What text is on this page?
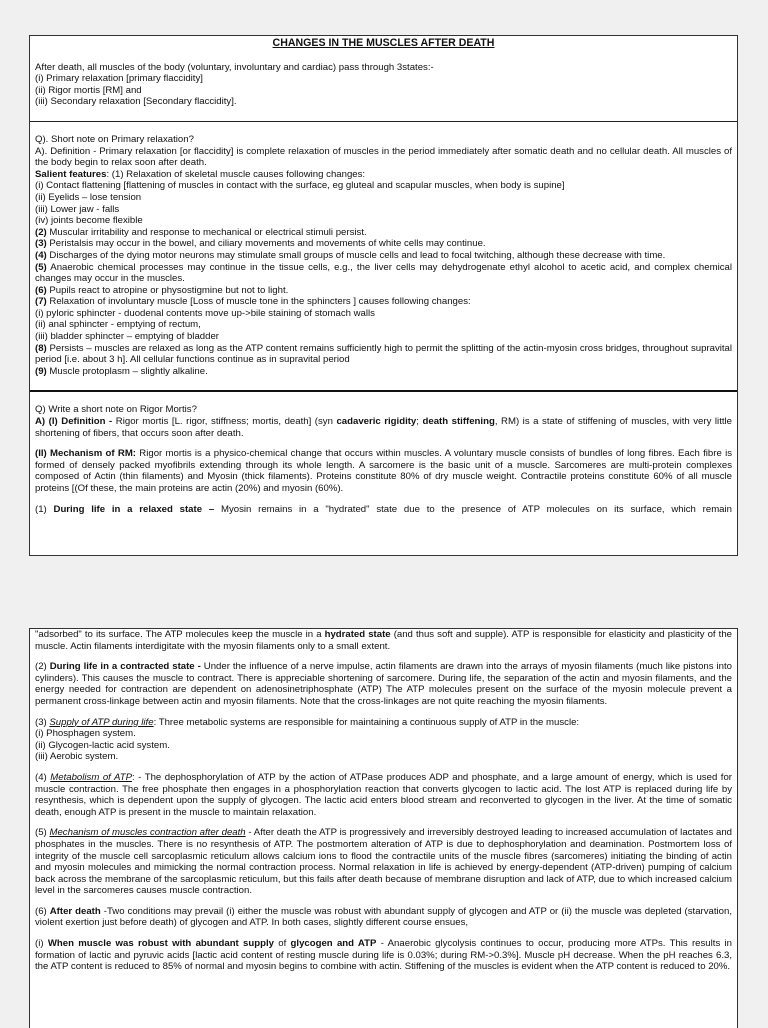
CHANGES IN THE MUSCLES AFTER DEATH

After death, all muscles of the body (voluntary, involuntary and cardiac) pass through 3states:-

(i) Primary relaxation [primary flaccidity]

(ii) Rigor mortis [RM] and

(iii) Secondary relaxation [Secondary flaccidity].

Q). Short note on Primary relaxation?

A). Definition - Primary relaxation [or flaccidity] is complete relaxation of muscles in the period immediately after somatic death and no cellular death. All muscles of the body begin to relax soon after death.

Salient features: (1) Relaxation of skeletal muscle causes following changes:

(i) Contact flattening [flattening of muscles in contact with the surface, eg gluteal and scapular muscles, when body is supine]

(ii) Eyelids – lose tension

(iii) Lower jaw - falls

(iv) joints become flexible

(2) Muscular irritability and response to mechanical or electrical stimuli persist.

(3) Peristalsis may occur in the bowel, and ciliary movements and movements of white cells may continue.

(4) Discharges of the dying motor neurons may stimulate small groups of muscle cells and lead to focal twitching, although these decrease with time.

(5) Anaerobic chemical processes may continue in the tissue cells, e.g., the liver cells may dehydrogenate ethyl alcohol to acetic acid, and complex chemical changes may occur in the muscles.

(6) Pupils react to atropine or physostigmine but not to light.

(7) Relaxation of involuntary muscle [Loss of muscle tone in the sphincters ] causes following changes:

(i) pyloric sphincter - duodenal contents move up->bile staining of stomach walls

(ii) anal sphincter - emptying of rectum,

(iii) bladder sphincter – emptying of bladder

(8) Persists – muscles are relaxed as long as the ATP content remains sufficiently high to permit the splitting of the actin-myosin cross bridges, throughout supravital period [i.e. about 3 h]. All cellular functions continue as in supravital period

(9) Muscle protoplasm – slightly alkaline.

Q) Write a short note on Rigor Mortis?

A) (I) Definition - Rigor mortis [L. rigor, stiffness; mortis, death] (syn cadaveric rigidity; death stiffening, RM) is a state of stiffening of muscles, with very little shortening of fibers, that occurs soon after death.

(II) Mechanism of RM: Rigor mortis is a physico-chemical change that occurs within muscles. A voluntary muscle consists of bundles of long fibres. Each fibre is formed of densely packed myofibrils extending through its whole length. A sarcomere is the basic unit of a muscle. Sarcomeres are multi-protein complexes composed of Actin (thin filaments) and Myosin (thick filaments). Proteins constitute 80% of dry muscle weight. Contractile proteins constitute 60% of all muscle proteins [(Of these, the main proteins are actin (20%) and myosin (60%).

(1) During life in a relaxed state – Myosin remains in a "hydrated" state due to the presence of ATP molecules on its surface, which remain

"adsorbed" to its surface. The ATP molecules keep the muscle in a hydrated state (and thus soft and supple). ATP is responsible for elasticity and plasticity of the muscle. Actin filaments interdigitate with the myosin filaments only to a small extent.

(2) During life in a contracted state - Under the influence of a nerve impulse, actin filaments are drawn into the arrays of myosin filaments (much like pistons into cylinders). This causes the muscle to contract. There is appreciable shortening of sarcomere. During life, the separation of the actin and myosin filaments, and the energy needed for contraction are dependent on adenosinetriphosphate (ATP) The ATP molecules present on the surface of the myosin molecule prevent a permanent cross-linkage between actin and myosin filaments. Note that the cross-linkages are not quite reaching the myosin filaments.

(3) Supply of ATP during life: Three metabolic systems are responsible for maintaining a continuous supply of ATP in the muscle:

(i) Phosphagen system.

(ii) Glycogen-lactic acid system.

(iii) Aerobic system.

(4) Metabolism of ATP: - The dephosphorylation of ATP by the action of ATPase produces ADP and phosphate, and a large amount of energy, which is used for muscle contraction. The free phosphate then engages in a phosphorylation reaction that converts glycogen to lactic acid. The lost ATP is replaced during life by resynthesis, which is dependent upon the supply of glycogen. The lactic acid enters blood stream and reconverted to glycogen in the liver. At the time of somatic death, enough ATP is present in the muscle to maintain relaxation.

(5) Mechanism of muscles contraction after death - After death the ATP is progressively and irreversibly destroyed leading to increased accumulation of lactates and phosphates in the muscles. There is no resynthesis of ATP. The postmortem alteration of ATP is due to dephosphorylation and deamination. Postmortem loss of integrity of the muscle cell sarcoplasmic reticulum allows calcium ions to flood the contractile units of the muscle fibres (sarcomeres) initiating the binding of actin and myosin molecules and mimicking the normal contraction process. Normal relaxation in life is achieved by energy-dependent (ATP-driven) pumping of calcium back across the membrane of the sarcoplasmic reticulum, but this fails after death because of membrane disruption and lack of ATP, due to which increased calcium level in the sarcomeres causes muscle contraction.

(6) After death -Two conditions may prevail (i) either the muscle was robust with abundant supply of glycogen and ATP or (ii) the muscle was depleted (starvation, violent exertion just before death) of glycogen and ATP. In both cases, slightly different course ensues,

(i) When muscle was robust with abundant supply of glycogen and ATP - Anaerobic glycolysis continues to occur, producing more ATPs. This results in formation of lactic and pyruvic acids [lactic acid content of resting muscle during life is 0.03%; during RM->0.3%]. Muscle pH decrease. When the pH reaches 6.3, the ATP content is reduced to 85% of normal and myosin begins to combine with actin. Stiffening of the muscles is evident when the ATP content is reduced to 20%.
